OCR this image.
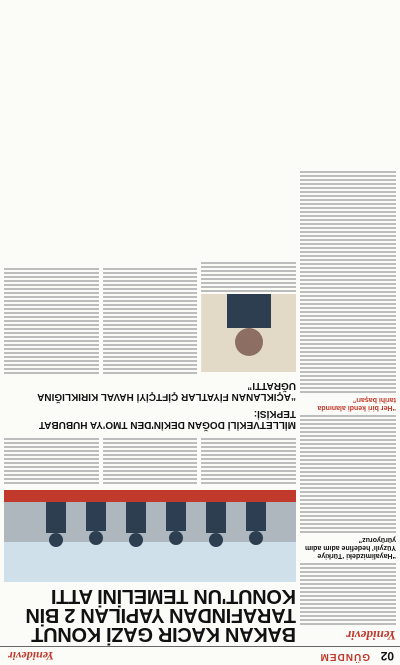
02
GÜNDEM
Yenidevir
Yenidevir
“Hayalimizdeki ‘Türkiye Yüzyılı’ hedefine adım adım yürüyoruz”
“Her biri kendi alanında tarihi başarı”
BAKAN KACIR GAZİ KONUT TARAFINDAN YAPILAN 2 BİN KONUT'UN TEMELİNİ ATTI
MİLLETVEKİLİ DOĞAN DEKİN'DEN TMO'YA HUBUBAT TEPKİSİ:
“AÇIKLANAN FİYATLAR ÇİFTÇİYİ HAVAL KIRIKLIĞINA UĞRATTI”
